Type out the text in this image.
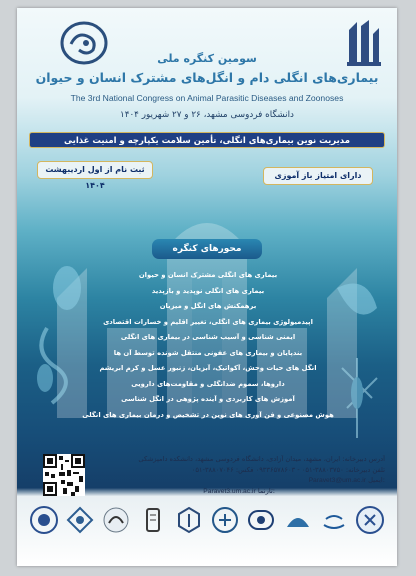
سومین کنگره ملی
بیماری‌های انگلی دام و انگل‌های مشترک انسان و حیوان
The 3rd National Congress on Animal Parasitic Diseases and Zoonoses
دانشگاه فردوسی مشهد، ۲۶ و ۲۷ شهریور ۱۴۰۴
مدیریت نوین بیماری‌های انگلی، تأمین سلامت یکپارچه و امنیت غذایی
ثبت نام از اول اردیبهشت ۱۴۰۴
دارای امتیاز باز آموزی
محورهای کنگره
بیماری های انگلی مشترک انسان و حیوان
بیماری های انگلی نوپدید و بازپدید
برهمکنش های انگل و میزبان
اپیدمیولوژی بیماری های انگلی، تغییر اقلیم و خسارات اقتصادی
ایمنی شناسی و آسیب شناسی در بیماری های انگلی
بندپایان و بیماری های عفونی منتقل شونده توسط آن ها
انگل های حیات وحش، آکواتیک، آبزیان، زنبور عسل و کرم ابریشم
داروها، سموم ضدانگلی و مقاومت‌های دارویی
آموزش های کاربردی و آینده پژوهی در انگل شناسی
هوش مصنوعی و فن آوری های نوین در تشخیص و درمان بیماری های انگلی
آدرس دبیرخانه: ایران، مشهد، میدان آزادی، دانشگاه فردوسی مشهد، دانشکده دامپزشکی
تلفن دبیرخانه: ۳۸۸۰۳۷۵۰-۰۵۱ - ۰۹۳۳۶۵۷۸۶۰۳ فکس: ۳۸۸۰۷۰۴۶-۰۵۱
Paravet3@um.ac.ir ایمیل:
Paravet3.um.ac.ir تارنما:
